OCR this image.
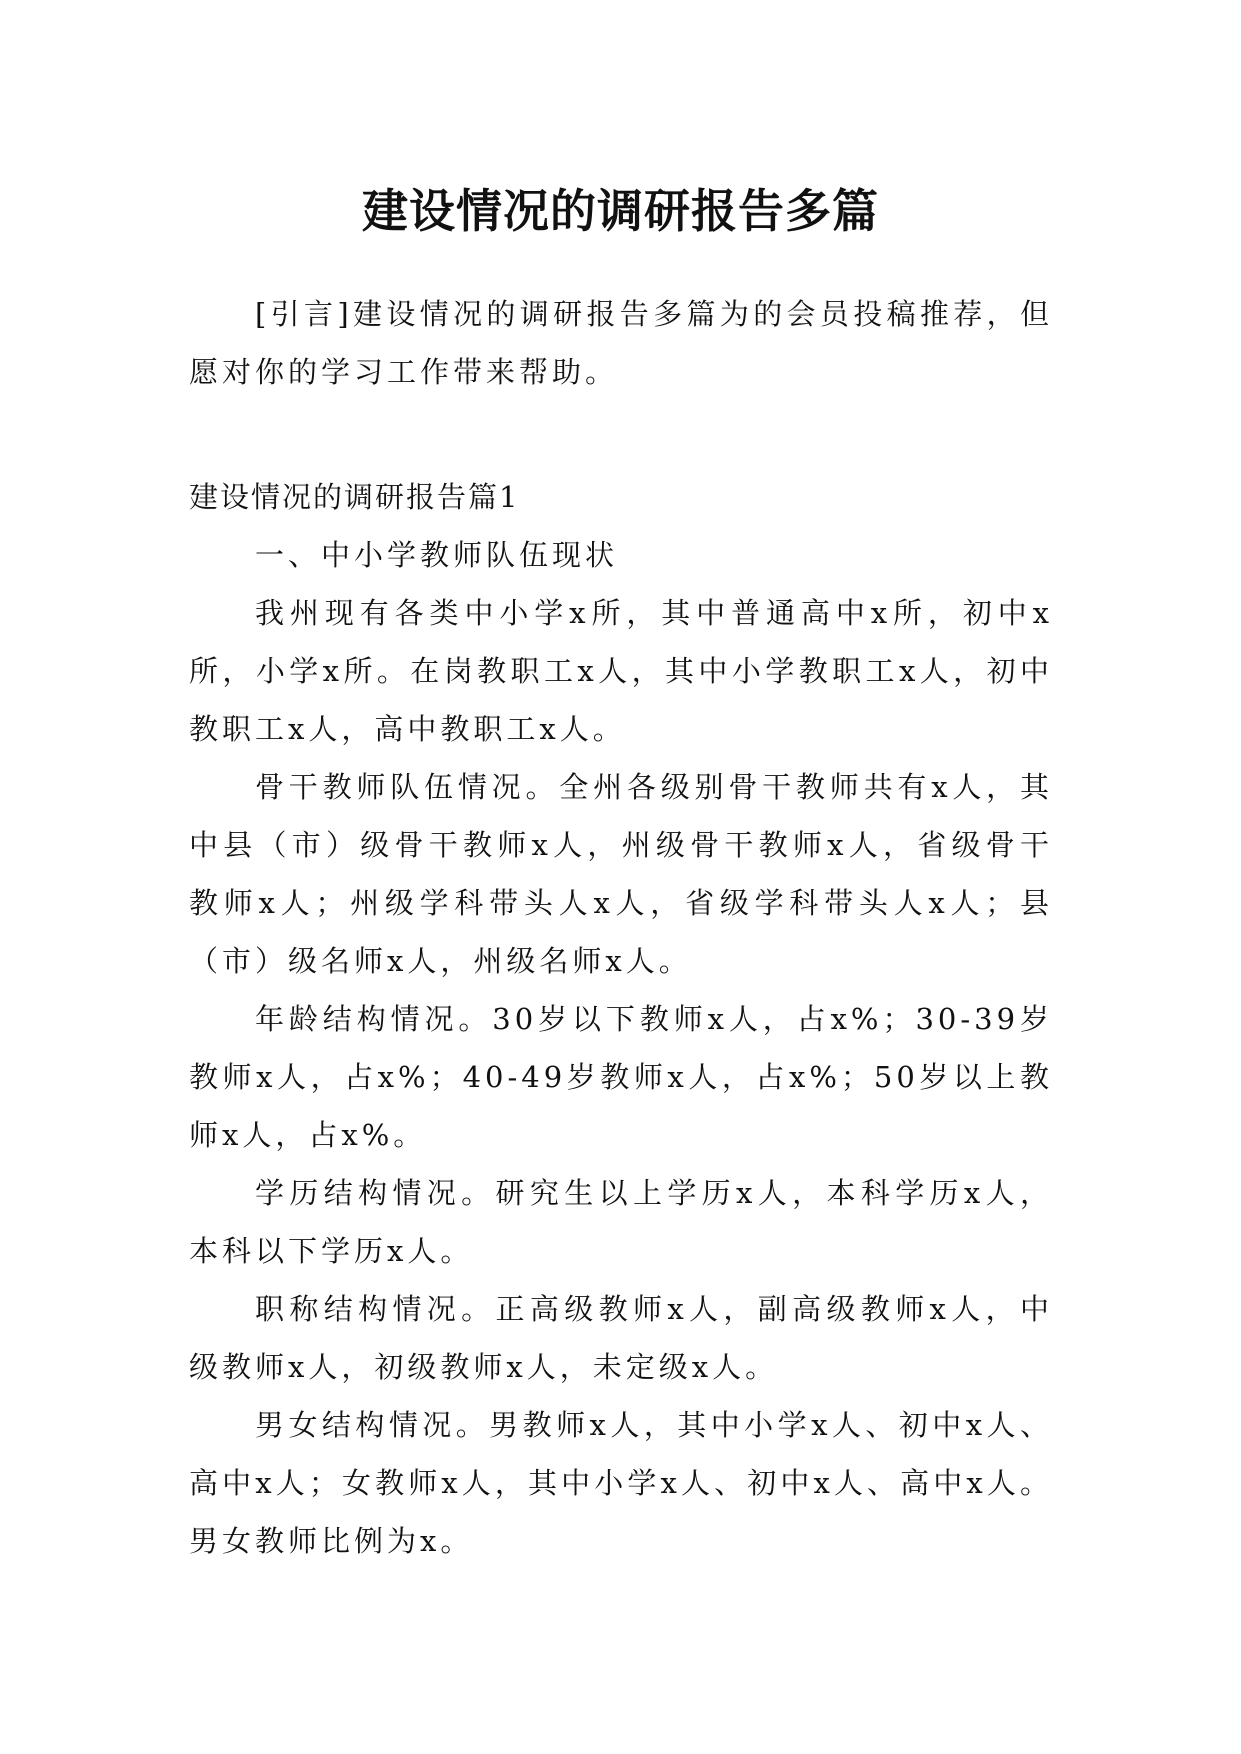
建设情况的调研报告多篇
[引言]建设情况的调研报告多篇为的会员投稿推荐，但愿对你的学习工作带来帮助。
建设情况的调研报告篇1

一、中小学教师队伍现状

我州现有各类中小学x所，其中普通高中x所，初中x所，小学x所。在岗教职工x人，其中小学教职工x人，初中教职工x人，高中教职工x人。

骨干教师队伍情况。全州各级别骨干教师共有x人，其中县（市）级骨干教师x人，州级骨干教师x人，省级骨干教师x人；州级学科带头人x人，省级学科带头人x人；县（市）级名师x人，州级名师x人。

年龄结构情况。30岁以下教师x人，占x%；30-39岁教师x人，占x%；40-49岁教师x人，占x%；50岁以上教师x人，占x%。

学历结构情况。研究生以上学历x人，本科学历x人，本科以下学历x人。

职称结构情况。正高级教师x人，副高级教师x人，中级教师x人，初级教师x人，未定级x人。

男女结构情况。男教师x人，其中小学x人、初中x人、高中x人；女教师x人，其中小学x人、初中x人、高中x人。男女教师比例为x。
